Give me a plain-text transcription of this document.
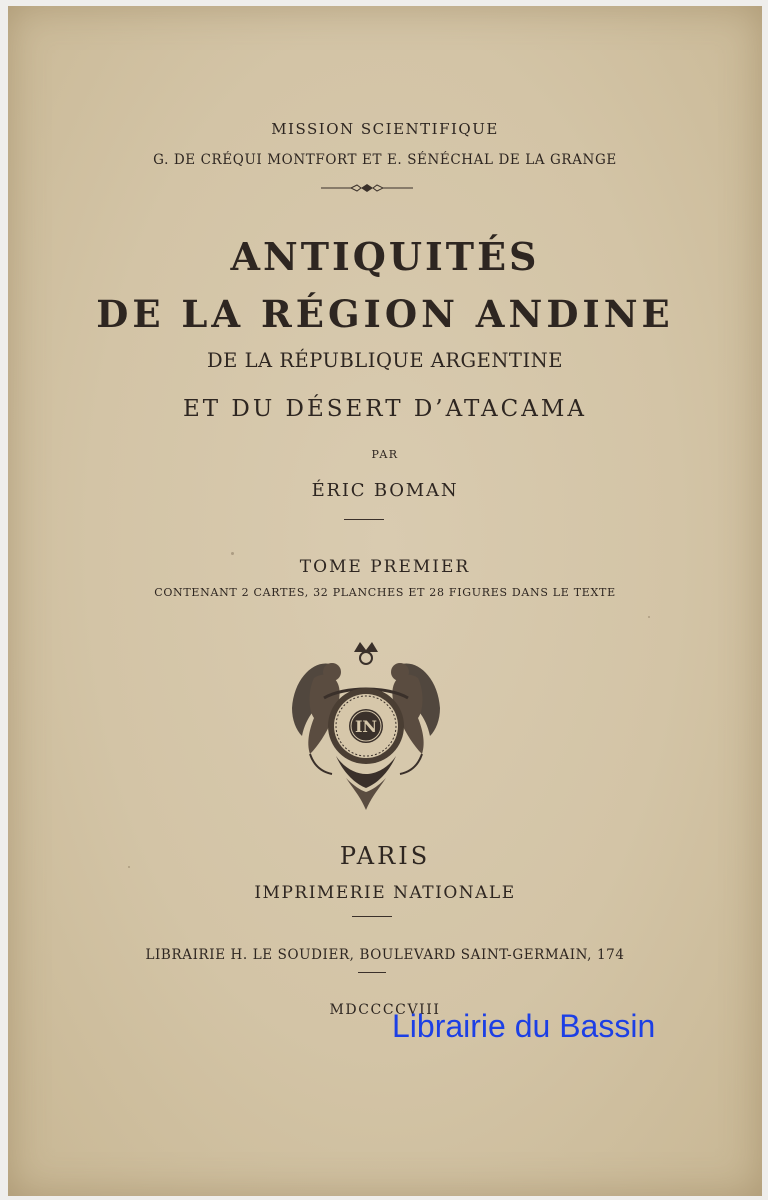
MISSION SCIENTIFIQUE
G. DE CRÉQUI MONTFORT ET E. SÉNÉCHAL DE LA GRANGE
ANTIQUITÉS
DE LA RÉGION ANDINE
DE LA RÉPUBLIQUE ARGENTINE
ET DU DÉSERT D’ATACAMA
PAR
ÉRIC BOMAN
TOME PREMIER
CONTENANT 2 CARTES, 32 PLANCHES ET 28 FIGURES DANS LE TEXTE
IN
PARIS
IMPRIMERIE NATIONALE
LIBRAIRIE H. LE SOUDIER, BOULEVARD SAINT-GERMAIN, 174
MDCCCCVIII
Librairie du Bassin
